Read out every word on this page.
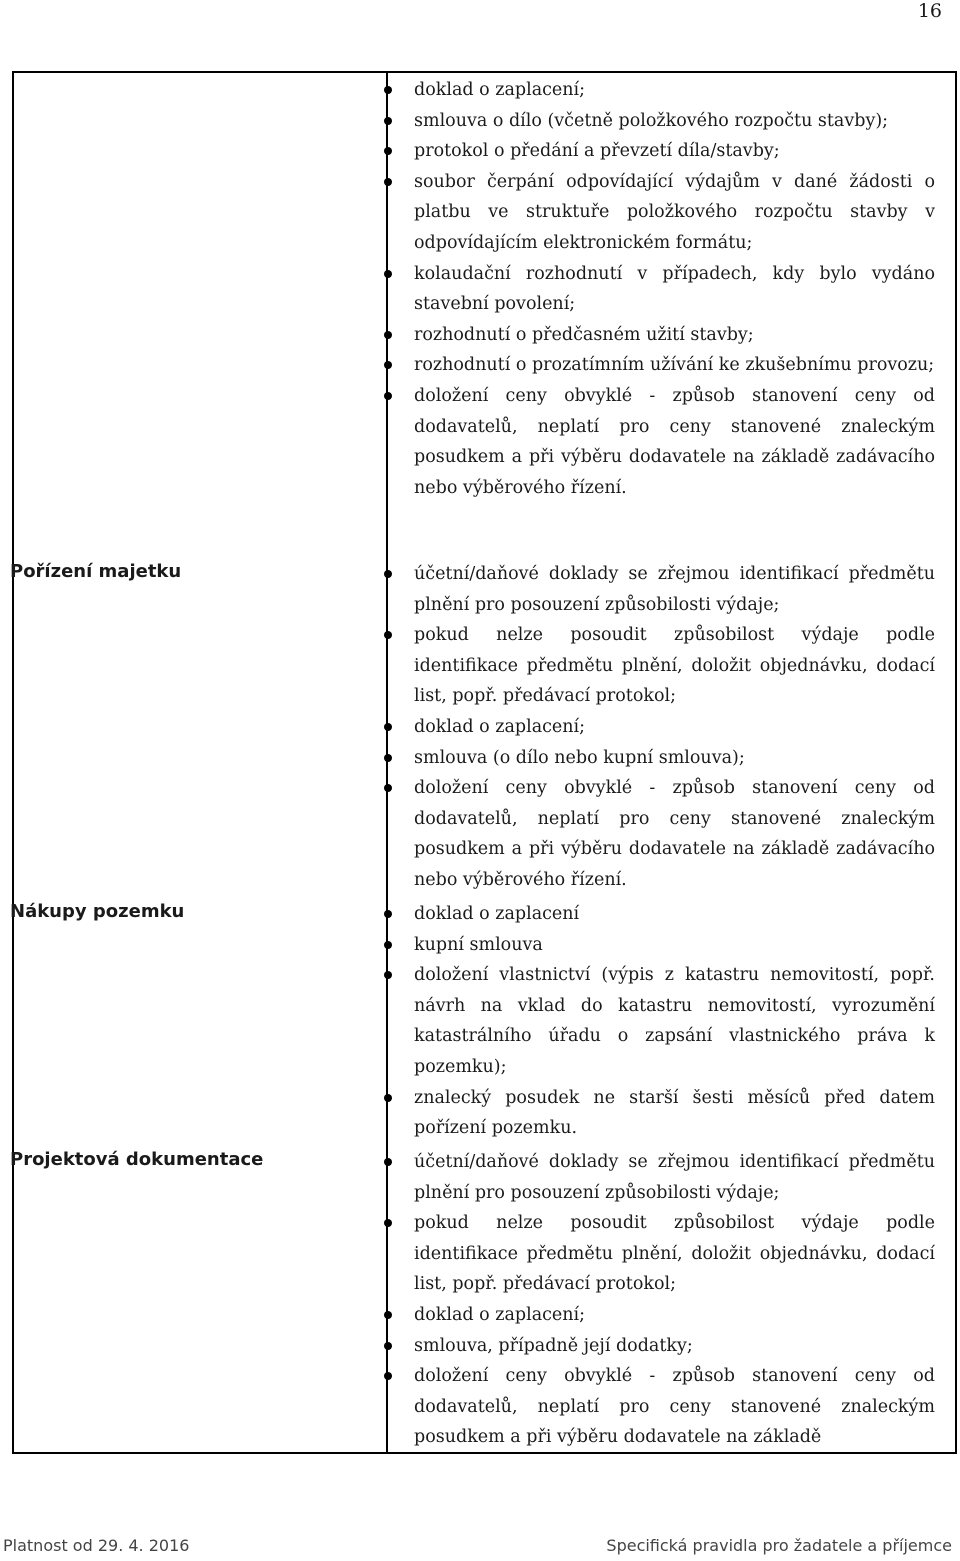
16
doklad o zaplacení;
smlouva o dílo (včetně položkového rozpočtu stavby);
protokol o předání a převzetí díla/stavby;
soubor čerpání odpovídající výdajům v dané žádosti o platbu ve struktuře položkového rozpočtu stavby v odpovídajícím elektronickém formátu;
kolaudační rozhodnutí v případech, kdy bylo vydáno stavební povolení;
rozhodnutí o předčasném užití stavby;
rozhodnutí o prozatímním užívání ke zkušebnímu provozu;
doložení ceny obvyklé - způsob stanovení ceny od dodavatelů, neplatí pro ceny stanovené znaleckým posudkem a při výběru dodavatele na základě zadávacího nebo výběrového řízení.
Pořízení majetku	účetní/daňové doklady se zřejmou identifikací předmětu plnění pro posouzení způsobilosti výdaje;
pokud nelze posoudit způsobilost výdaje podle identifikace předmětu plnění, doložit objednávku, dodací list, popř. předávací protokol;
doklad o zaplacení;
smlouva (o dílo nebo kupní smlouva);
doložení ceny obvyklé - způsob stanovení ceny od dodavatelů, neplatí pro ceny stanovené znaleckým posudkem a při výběru dodavatele na základě zadávacího nebo výběrového řízení.
Nákupy pozemku	doklad o zaplacení
kupní smlouva
doložení vlastnictví (výpis z katastru nemovitostí, popř. návrh na vklad do katastru nemovitostí, vyrozumění katastrálního úřadu o zapsání vlastnického práva k pozemku);
znalecký posudek ne starší šesti měsíců před datem pořízení pozemku.
Projektová dokumentace	účetní/daňové doklady se zřejmou identifikací předmětu plnění pro posouzení způsobilosti výdaje;
pokud nelze posoudit způsobilost výdaje podle identifikace předmětu plnění, doložit objednávku, dodací list, popř. předávací protokol;
doklad o zaplacení;
smlouva, případně její dodatky;
doložení ceny obvyklé - způsob stanovení ceny od dodavatelů, neplatí pro ceny stanovené znaleckým posudkem a při výběru dodavatele na základě
Platnost od 29. 4. 2016	Specifická pravidla pro žadatele a příjemce
